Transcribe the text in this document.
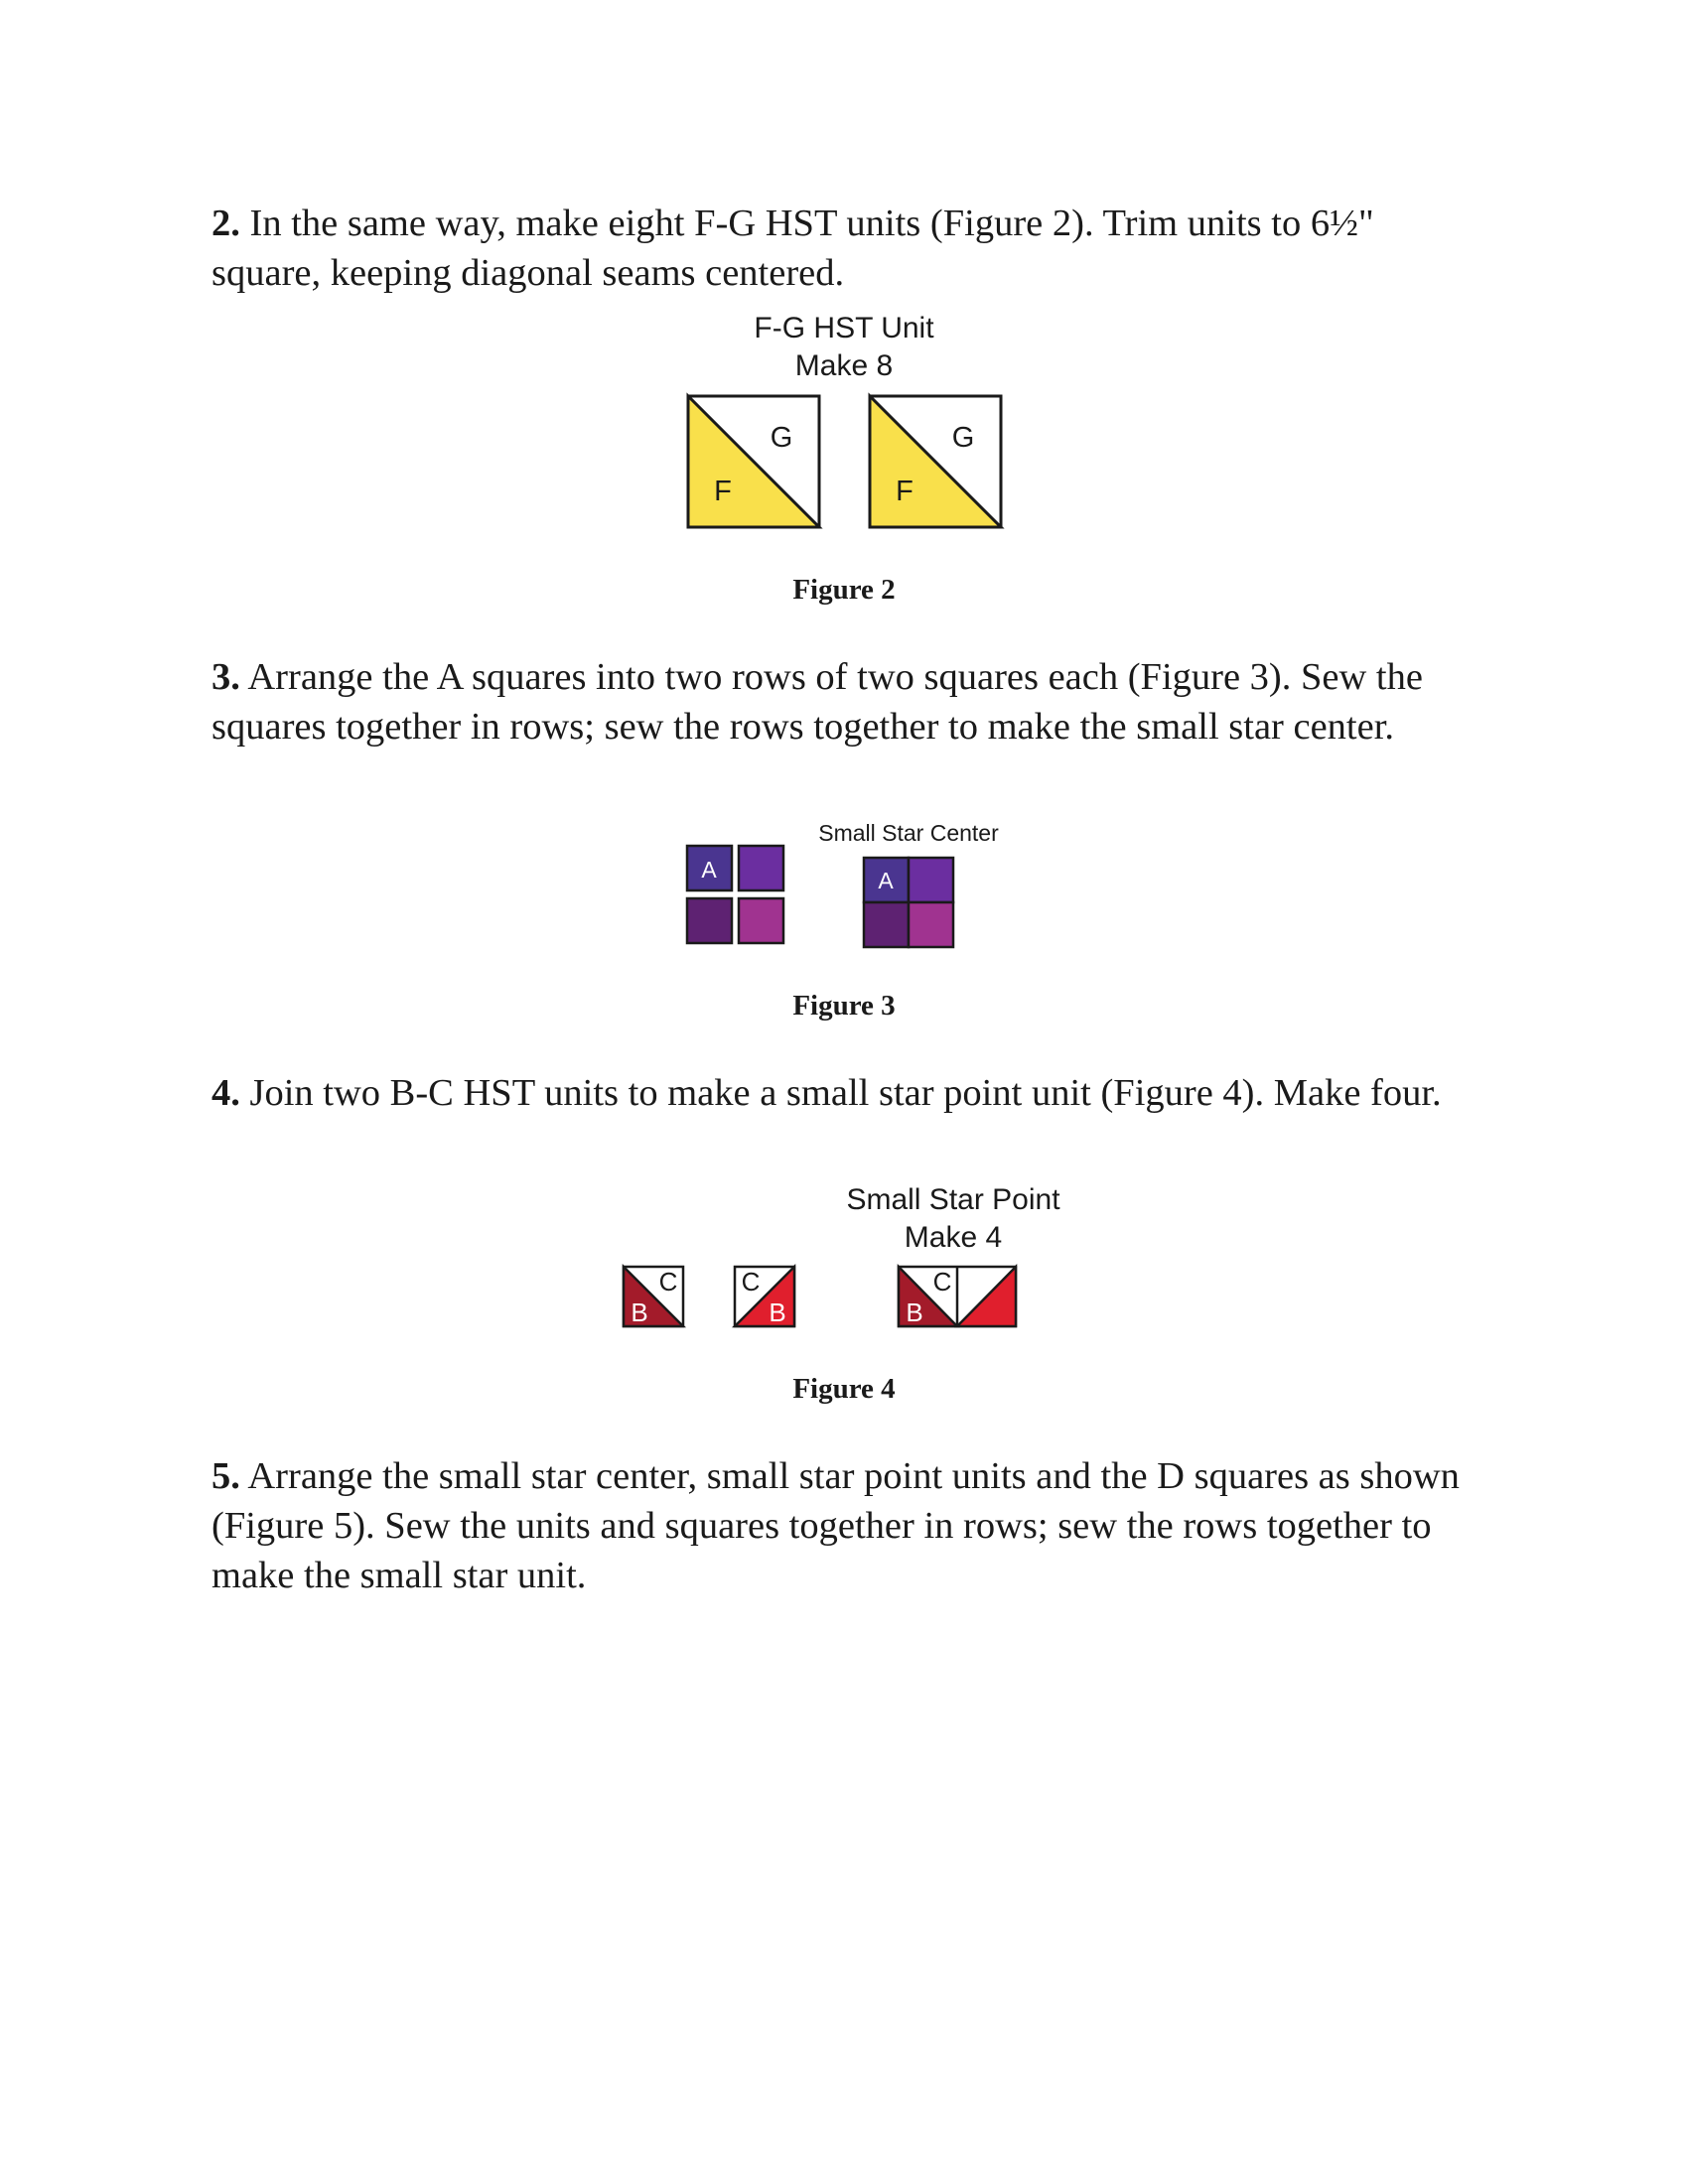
2. In the same way, make eight F-G HST units (Figure 2). Trim units to 6½" square, keeping diagonal seams centered.

F-G HST Unit
Make 8
G
F
G
F
Figure 2

3. Arrange the A squares into two rows of two squares each (Figure 3). Sew the squares together in rows; sew the rows together to make the small star center.

Small Star Center
A	A
Figure 3

4. Join two B-C HST units to make a small star point unit (Figure 4). Make four.

Small Star Point
Make 4
C
B
C
B
C
B
Figure 4

5. Arrange the small star center, small star point units and the D squares as shown (Figure 5). Sew the units and squares together in rows; sew the rows together to make the small star unit.
